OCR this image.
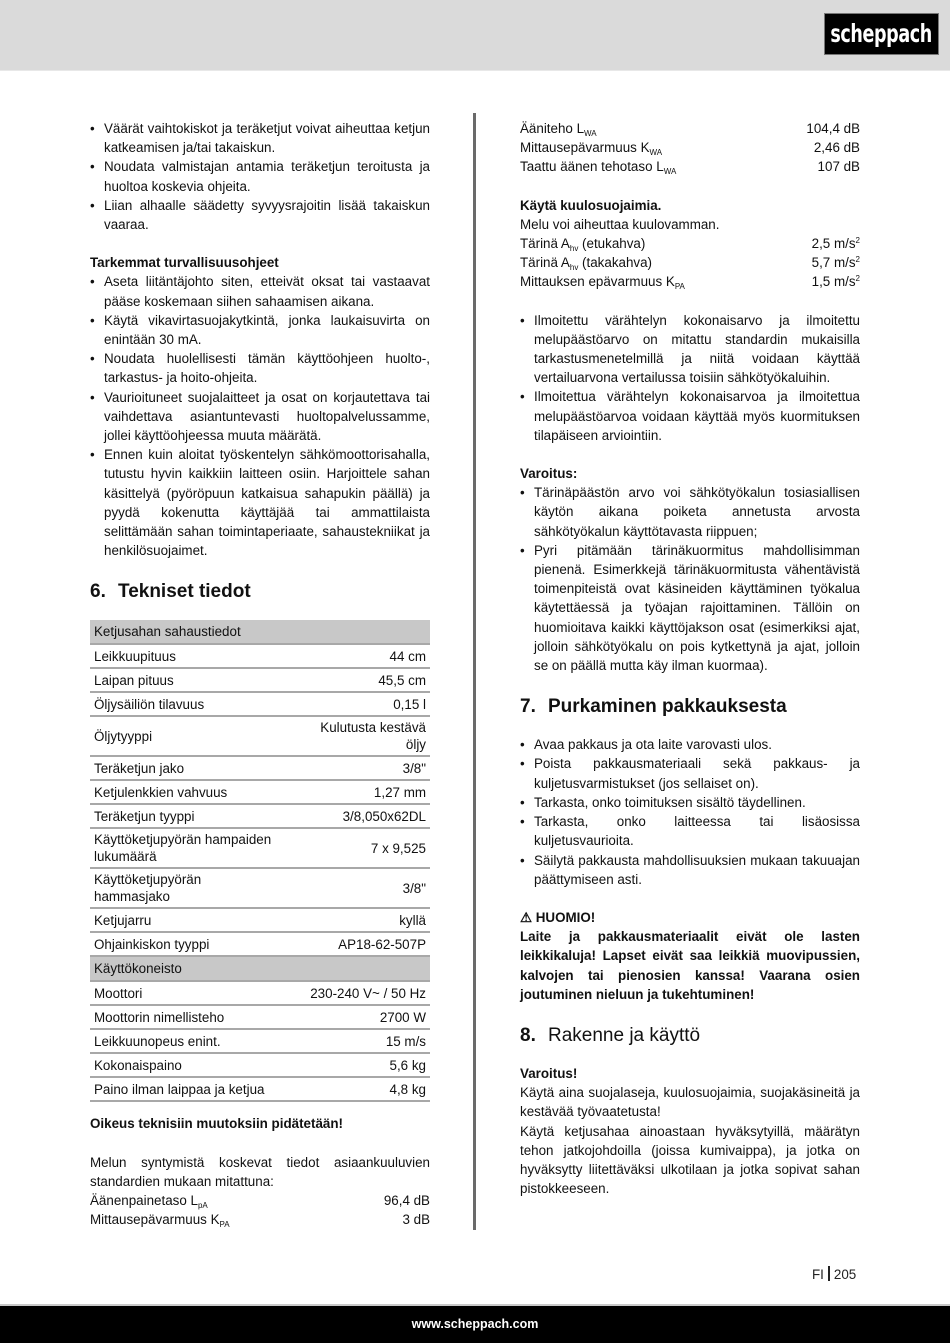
scheppach
• Väärät vaihtokiskot ja teräketjut voivat aiheuttaa ketjun katkeamisen ja/tai takaiskun.
• Noudata valmistajan antamia teräketjun teroitusta ja huoltoa koskevia ohjeita.
• Liian alhaalle säädetty syvyysrajoitin lisää takaiskun vaaraa.

Tarkemmat turvallisuusohjeet

• Aseta liitäntäjohto siten, etteivät oksat tai vastaavat pääse koskemaan siihen sahaamisen aikana.
• Käytä vikavirtasuojakytkintä, jonka laukaisuvirta on enintään 30 mA.
• Noudata huolellisesti tämän käyttöohjeen huolto-, tarkastus- ja hoito-ohjeita.
• Vaurioituneet suojalaitteet ja osat on korjautettava tai vaihdettava asiantuntevasti huoltopalvelussamme, jollei käyttöohjeessa muuta määrätä.
• Ennen kuin aloitat työskentelyn sähkömoottorisahalla, tutustu hyvin kaikkiin laitteen osiin. Harjoittele sahan käsittelyä (pyöröpuun katkaisua sahapukin päällä) ja pyydä kokenutta käyttäjää tai ammattilaista selittämään sahan toimintaperiaate, sahaustekniikat ja henkilösuojaimet.
6. Tekniset tiedot
Ketjusahan sahaustiedot	
Leikkuupituus	44 cm
Laipan pituus	45,5 cm
Öljysäiliön tilavuus	0,15 l
Öljytyyppi	Kulutusta kestävä öljy
Teräketjun jako	3/8"
Ketjulenkkien vahvuus	1,27 mm
Teräketjun tyyppi	3/8,050x62DL
Käyttöketjupyörän hampaiden lukumäärä	7 x 9,525
Käyttöketjupyörän hammasjako	3/8"
Ketjujarru	kyllä
Ohjainkiskon tyyppi	AP18-62-507P
Käyttökoneisto	
Moottori	230-240 V~ / 50 Hz
Moottorin nimellisteho	2700 W
Leikkuunopeus enint.	15 m/s
Kokonaispaino	5,6 kg
Paino ilman laippaa ja ketjua	4,8 kg

Oikeus teknisiin muutoksiin pidätetään!

Melun syntymistä koskevat tiedot asiaankuuluvien standardien mukaan mitattuna:

Äänenpainetaso $L_{pA}$	96,4 dB
Mittausepävarmuus $K_{PA}$	3 dB
Ääniteho $L_{WA}$	104,4 dB
Mittausepävarmuus $K_{WA}$	2,46 dB
Taattu äänen tehotaso $L_{WA}$	107 dB

Käytä kuulosuojaimia.

Melu voi aiheuttaa kuulovamman.

Tärinä $A_{hv}$ (etukahva)	2,5 $m/s^2$
Tärinä $A_{hv}$ (takakahva)	5,7 $m/s^2$
Mittauksen epävarmuus $K_{PA}$	1,5 $m/s^2$
• Ilmoitettu värähtelyn kokonaisarvo ja ilmoitettu melupäästöarvo on mitattu standardin mukaisilla tarkastusmenetelmillä ja niitä voidaan käyttää vertailuarvona vertailussa toisiin sähkötyökaluihin.
• Ilmoitettua värähtelyn kokonaisarvoa ja ilmoitettua melupäästöarvoa voidaan käyttää myös kuormituksen tilapäiseen arviointiin.

Varoitus:

• Tärinäpäästön arvo voi sähkötyökalun tosiasiallisen käytön aikana poiketa annetusta arvosta sähkötyökalun käyttötavasta riippuen;
• Pyri pitämään tärinäkuormitus mahdollisimman pienenä. Esimerkkejä tärinäkuormitusta vähentävistä toimenpiteistä ovat käsineiden käyttäminen työkalua käytettäessä ja työajan rajoittaminen. Tällöin on huomioitava kaikki käyttöjakson osat (esimerkiksi ajat, jolloin sähkötyökalu on pois kytkettynä ja ajat, jolloin se on päällä mutta käy ilman kuormaa).
7. Purkaminen pakkauksesta
• Avaa pakkaus ja ota laite varovasti ulos.
• Poista pakkausmateriaali sekä pakkaus- ja kuljetusvarmistukset (jos sellaiset on).
• Tarkasta, onko toimituksen sisältö täydellinen.
• Tarkasta, onko laitteessa tai lisäosissa kuljetusvaurioita.
• Säilytä pakkausta mahdollisuuksien mukaan takuuajan päättymiseen asti.

⚠ HUOMIO!

Laite ja pakkausmateriaalit eivät ole lasten leikkikaluja! Lapset eivät saa leikkiä muovipussien, kalvojen tai pienosien kanssa! Vaarana osien joutuminen nieluun ja tukehtuminen!

8. Rakenne ja käyttö

Varoitus!

Käytä aina suojalaseja, kuulosuojaimia, suojakäsineitä ja kestävää työvaatetusta!

Käytä ketjusahaa ainoastaan hyväksytyillä, määrätyn tehon jatkojohdoilla (joissa kumivaippa), ja jotka on hyväksytty liitettäväksi ulkotilaan ja jotka sopivat sahan pistokkeeseen.

FI 205
www.scheppach.com
